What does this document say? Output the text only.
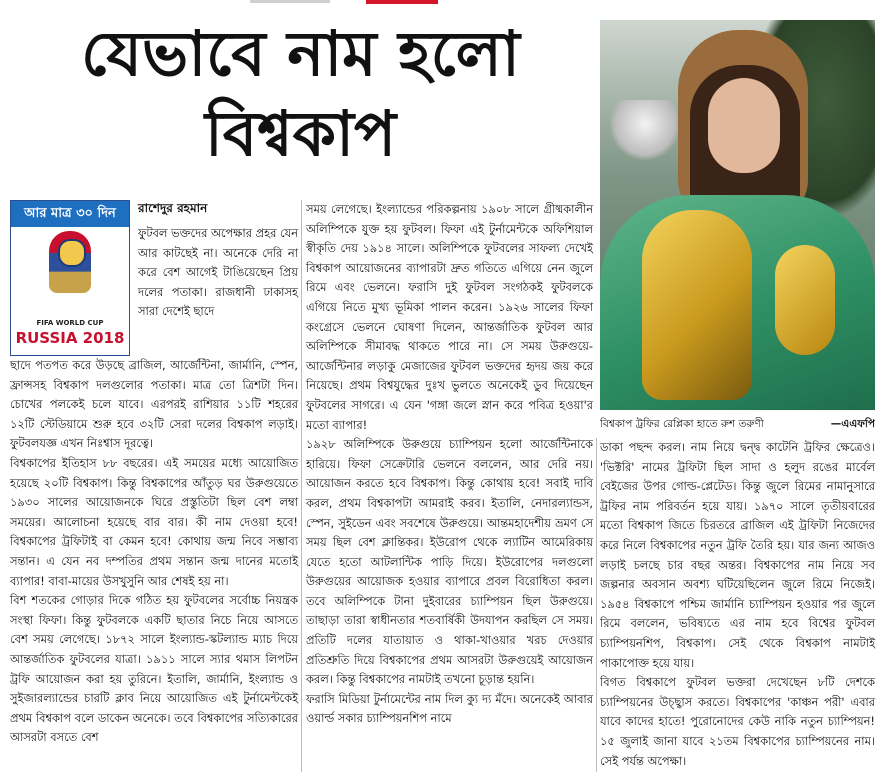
যেভাবে নাম হলো বিশ্বকাপ
বিশ্বকাপ ট্রফির রেপ্লিকা হাতে রুশ তরুণী	—এএফপি
আর মাত্র ৩০ দিন
FIFA WORLD CUP
RUSSIA 2018
রাশেদুর রহমান

ফুটবল ভক্তদের অপেক্ষার প্রহর যেন আর কাটছেই না। অনেকে দেরি না করে বেশ আগেই টাঙিয়েছেন প্রিয় দলের পতাকা। রাজধানী ঢাকাসহ সারা দেশেই ছাদে

ছাদে পতপত করে উড়ছে ব্রাজিল, আর্জেন্টিনা, জার্মানি, স্পেন, ফ্রান্সসহ বিশ্বকাপ দলগুলোর পতাকা। মাত্র তো ত্রিশটা দিন। চোখের পলকেই চলে যাবে। এরপরই রাশিয়ার ১১টি শহরের ১২টি স্টেডিয়ামে শুরু হবে ৩২টি সেরা দলের বিশ্বকাপ লড়াই। ফুটবলযজ্ঞ এখন নিঃশ্বাস দূরত্বে।

বিশ্বকাপের ইতিহাস ৮৮ বছরের। এই সময়ের মধ্যে আয়োজিত হয়েছে ২০টি বিশ্বকাপ। কিন্তু বিশ্বকাপের আঁতুড় ঘর উরুগুয়েতে ১৯৩০ সালের আয়োজনকে ঘিরে প্রস্তুতিটা ছিল বেশ লম্বা সময়ের। আলোচনা হয়েছে বার বার। কী নাম দেওয়া হবে! বিশ্বকাপের ট্রফিটাই বা কেমন হবে! কোথায় জন্ম নিবে সম্ভাব্য সন্তান। এ যেন নব দম্পতির প্রথম সন্তান জন্ম দানের মতোই ব্যাপার! বাবা-মায়ের উসখুসুনি আর শেষই হয় না।

বিশ শতকের গোড়ার দিকে গঠিত হয় ফুটবলের সর্বোচ্চ নিয়ন্ত্রক সংস্থা ফিফা। কিন্তু ফুটবলকে একটি ছাতার নিচে নিয়ে আসতে বেশ সময় লেগেছে। ১৮৭২ সালে ইংল্যান্ড-স্কটল্যান্ড ম্যাচ দিয়ে আন্তর্জাতিক ফুটবলের যাত্রা। ১৯১১ সালে স্যার থমাস লিপটন ট্রফি আয়োজন করা হয় তুরিনে। ইতালি, জার্মানি, ইংল্যান্ড ও সুইজারল্যান্ডের চারটি ক্লাব নিয়ে আয়োজিত এই টুর্নামেন্টকেই প্রথম বিশ্বকাপ বলে ডাকেন অনেকে। তবে বিশ্বকাপের সত্যিকারের আসরটা বসতে বেশ

সময় লেগেছে। ইংল্যান্ডের পরিকল্পনায় ১৯০৮ সালে গ্রীষ্মকালীন অলিম্পিকে যুক্ত হয় ফুটবল। ফিফা এই টুর্নামেন্টকে অফিশিয়াল স্বীকৃতি দেয় ১৯১৪ সালে। অলিম্পিকে ফুটবলের সাফল্য দেখেই বিশ্বকাপ আয়োজনের ব্যাপারটা দ্রুত গতিতে এগিয়ে নেন জুলে রিমে এবং ভেলনে। ফরাসি দুই ফুটবল সংগঠকই ফুটবলকে এগিয়ে নিতে মুখ্য ভূমিকা পালন করেন। ১৯২৬ সালের ফিফা কংগ্রেসে ভেলনে ঘোষণা দিলেন, আন্তর্জাতিক ফুটবল আর অলিম্পিকে সীমাবদ্ধ থাকতে পারে না। সে সময় উরুগুয়ে-আর্জেন্টিনার লড়াকু মেজাজের ফুটবল ভক্তদের হৃদয় জয় করে নিয়েছে। প্রথম বিশ্বযুদ্ধের দুঃখ ভুলতে অনেকেই ডুব দিয়েছেন ফুটবলের সাগরে। এ যেন 'গঙ্গা জলে স্নান করে পবিত্র হওয়া'র মতো ব্যাপার!

১৯২৮ অলিম্পিকে উরুগুয়ে চ্যাম্পিয়ন হলো আর্জেন্টিনাকে হারিয়ে। ফিফা সেক্রেটারি ভেলনে বললেন, আর দেরি নয়। আয়োজন করতে হবে বিশ্বকাপ। কিন্তু কোথায় হবে! সবাই দাবি করল, প্রথম বিশ্বকাপটা আমরাই করব। ইতালি, নেদারল্যান্ডস, স্পেন, সুইডেন এবং সবশেষে উরুগুয়ে। আন্তমহাদেশীয় ভ্রমণ সে সময় ছিল বেশ ক্লান্তিকর। ইউরোপ থেকে ল্যাটিন আমেরিকায় যেতে হতো আটলান্টিক পাড়ি দিয়ে। ইউরোপের দলগুলো উরুগুয়ের আয়োজক হওয়ার ব্যাপারে প্রবল বিরোধিতা করল। তবে অলিম্পিকে টানা দুইবারের চ্যাম্পিয়ন ছিল উরুগুয়ে। তাছাড়া তারা স্বাধীনতার শতবার্ষিকী উদযাপন করছিল সে সময়। প্রতিটি দলের যাতায়াত ও থাকা-খাওয়ার খরচ দেওয়ার প্রতিশ্রুতি দিয়ে বিশ্বকাপের প্রথম আসরটা উরুগুয়েই আয়োজন করল। কিন্তু বিশ্বকাপের নামটাই তখনো চূড়ান্ত হয়নি।

ফরাসি মিডিয়া টুর্নামেন্টের নাম দিল ক্যু দ্য মঁদে। অনেকেই আবার ওয়ার্ল্ড সকার চ্যাম্পিয়নশিপ নামে

ডাকা পছন্দ করল। নাম নিয়ে দ্বন্দ্ব কাটেনি ট্রফির ক্ষেত্রেও। 'ভিক্টরি' নামের ট্রফিটা ছিল সাদা ও হলুদ রঙের মার্বেল বেইজের উপর গোল্ড-প্লেটেড। কিন্তু জুলে রিমের নামানুসারে ট্রফির নাম পরিবর্তন হয়ে যায়। ১৯৭০ সালে তৃতীয়বারের মতো বিশ্বকাপ জিতে চিরতরে ব্রাজিল এই ট্রফিটা নিজেদের করে নিলে বিশ্বকাপের নতুন ট্রফি তৈরি হয়। যার জন্য আজও লড়াই চলছে চার বছর অন্তর। বিশ্বকাপের নাম নিয়ে সব জল্পনার অবসান অবশ্য ঘটিয়েছিলেন জুলে রিমে নিজেই। ১৯৫৪ বিশ্বকাপে পশ্চিম জার্মানি চ্যাম্পিয়ন হওয়ার পর জুলে রিমে বললেন, ভবিষ্যতে এর নাম হবে বিশ্বের ফুটবল চ্যাম্পিয়নশিপ, বিশ্বকাপ। সেই থেকে বিশ্বকাপ নামটাই পাকাপোক্ত হয়ে যায়।

বিগত বিশ্বকাপে ফুটবল ভক্তরা দেখেছেন ৮টি দেশকে চ্যাম্পিয়নের উচ্ছ্বাস করতে। বিশ্বকাপের 'কাঞ্চন পরী' এবার যাবে কাদের হাতে! পুরোনোদের কেউ নাকি নতুন চ্যাম্পিয়ন! ১৫ জুলাই জানা যাবে ২১তম বিশ্বকাপের চ্যাম্পিয়নের নাম। সেই পর্যন্ত অপেক্ষা।
